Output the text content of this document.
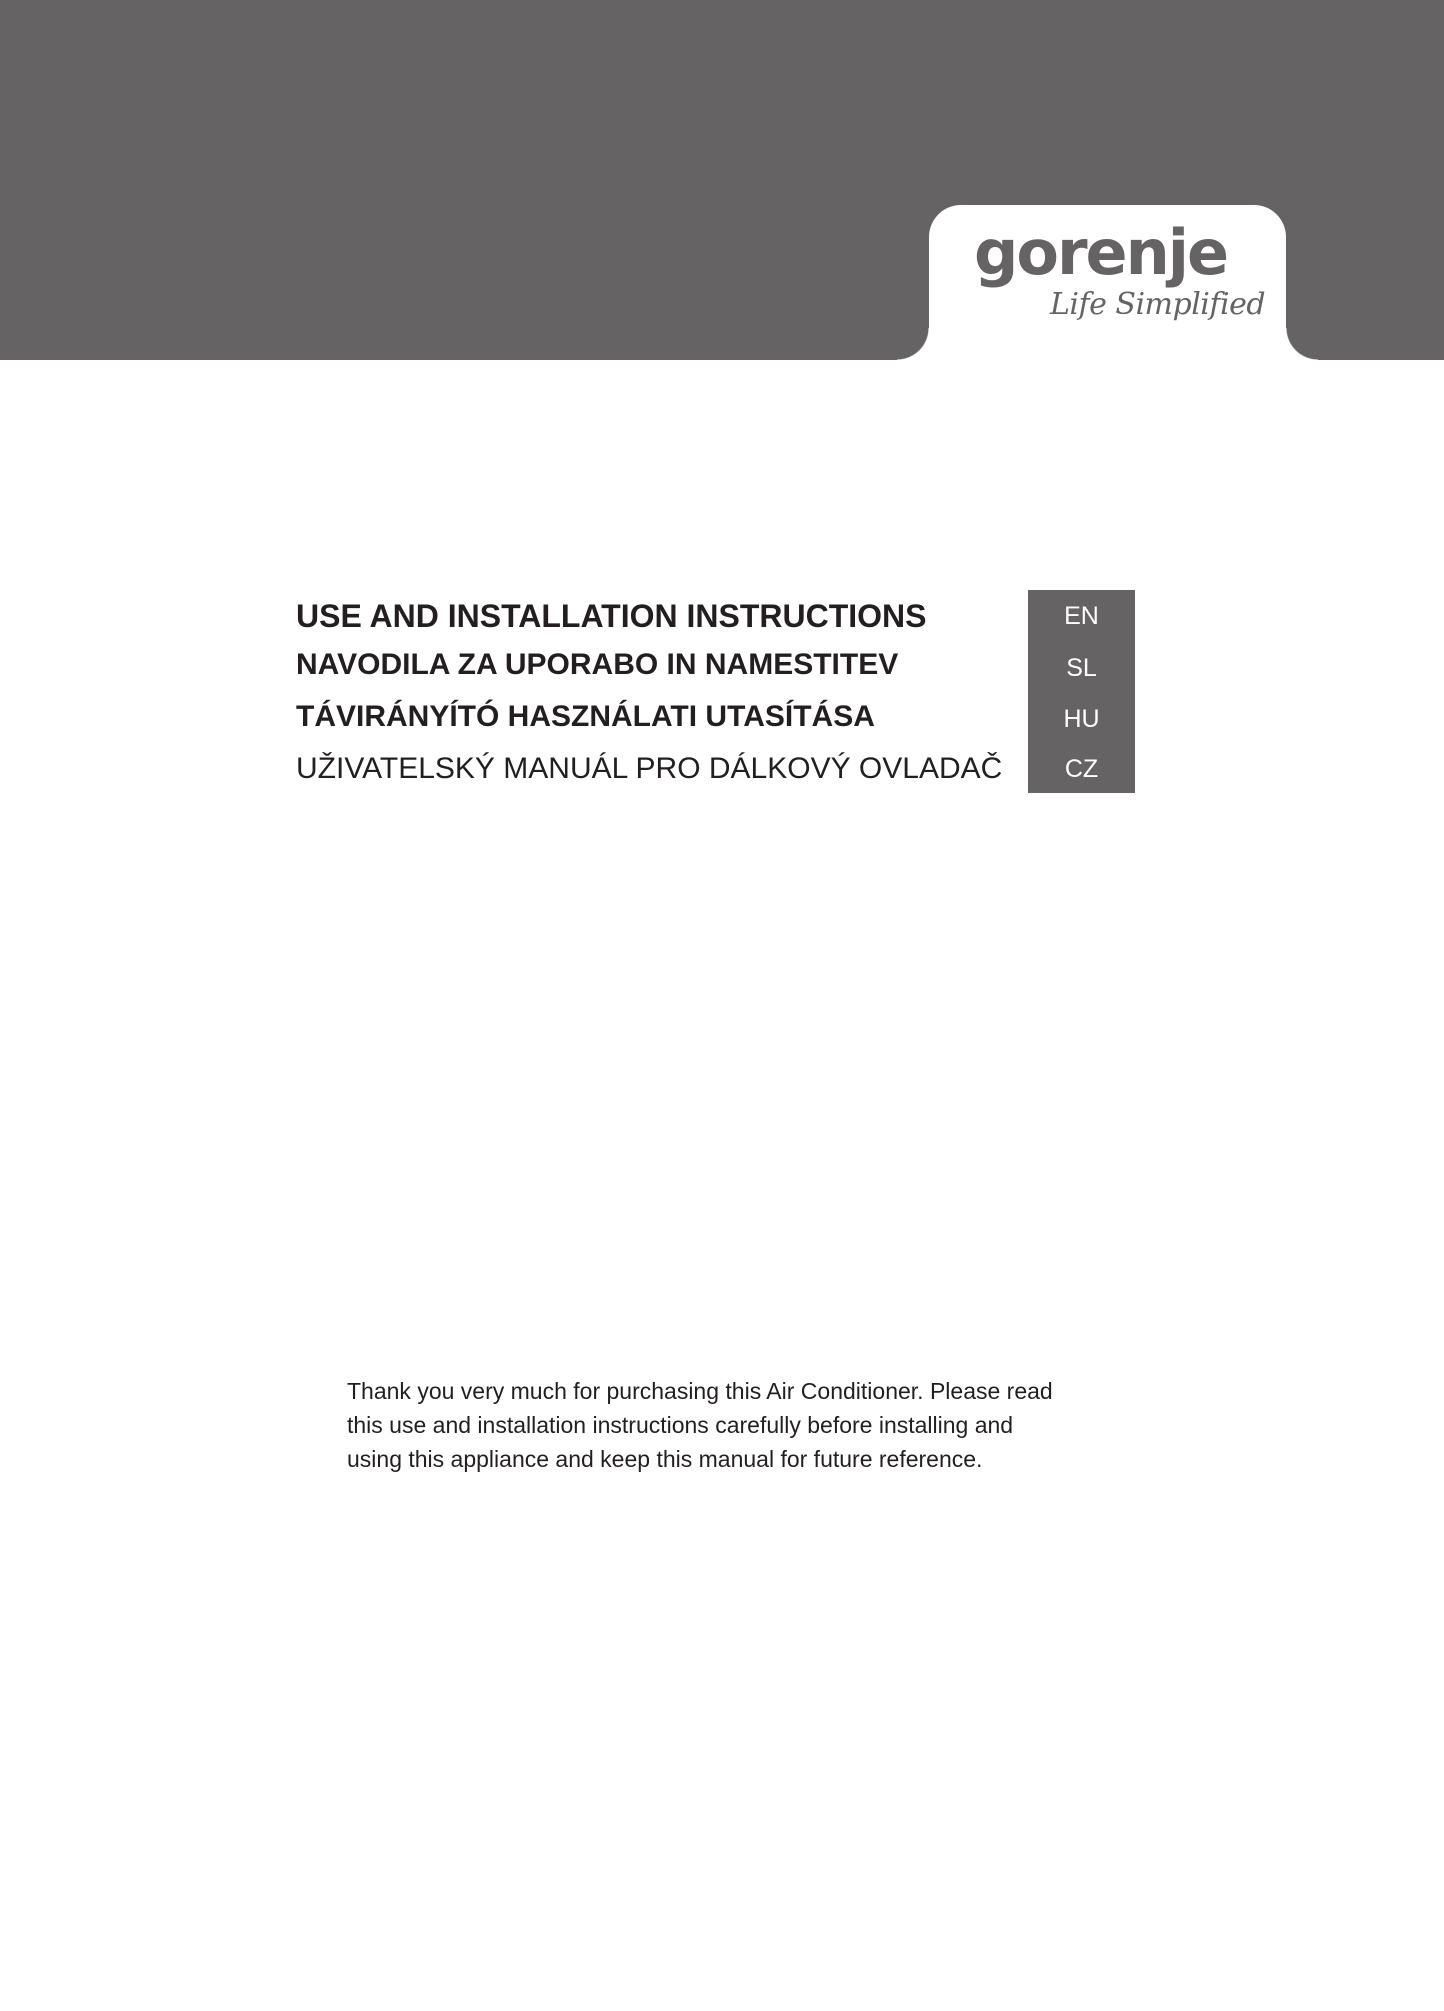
gorenje
Life Simplified

USE AND INSTALLATION INSTRUCTIONS

NAVODILA ZA UPORABO IN NAMESTITEV

TÁVIRÁNYÍTÓ HASZNÁLATI UTASÍTÁSA

UŽIVATELSKÝ MANUÁL PRO DÁLKOVÝ OVLADAČ

EN
SL
HU
CZ
Thank you very much for purchasing this Air Conditioner. Please read
this use and installation instructions carefully before installing and
using this appliance and keep this manual for future reference.
